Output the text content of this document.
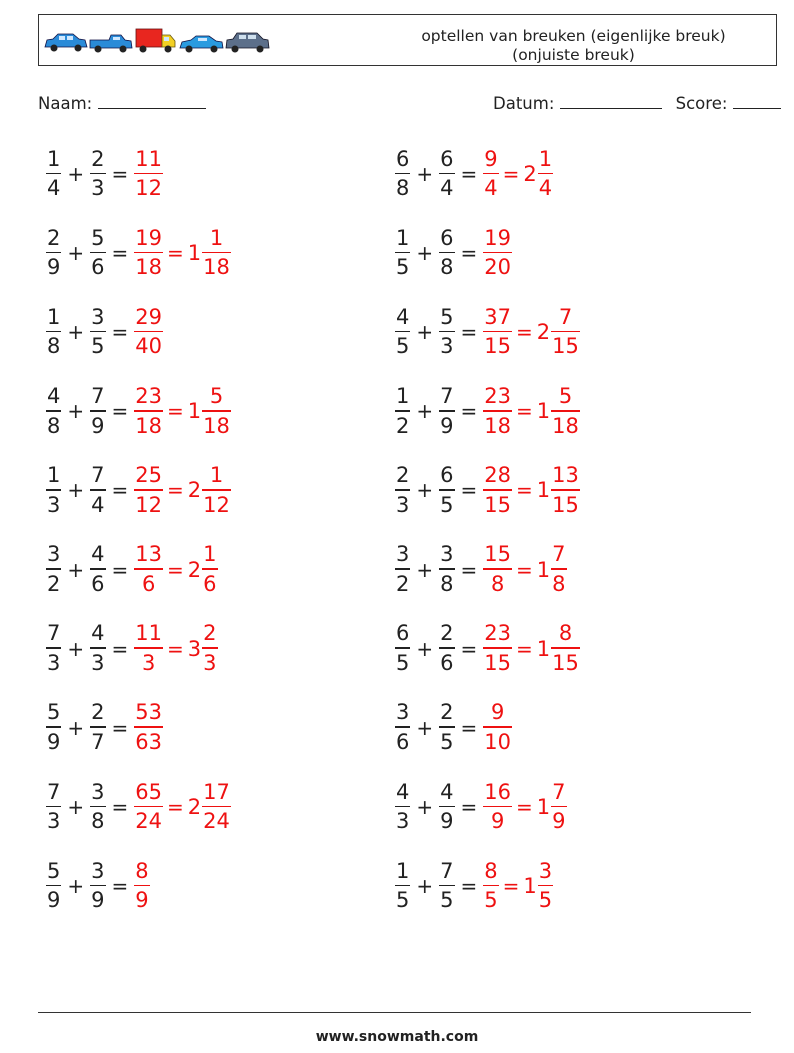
optellen van breuken (eigenlijke breuk)
(onjuiste breuk)
Naam:	Datum:	Score:
$\frac{1}{4} + \frac{2}{3} = \frac{11}{12}$	$\frac{6}{8} + \frac{6}{4} = \frac{9}{4} = 2 \frac{1}{4}$
$\frac{2}{9} + \frac{5}{6} = \frac{19}{18} = 1 \frac{1}{18}$	$\frac{1}{5} + \frac{6}{8} = \frac{19}{20}$
$\frac{1}{8} + \frac{3}{5} = \frac{29}{40}$	$\frac{4}{5} + \frac{5}{3} = \frac{37}{15} = 2 \frac{7}{15}$
$\frac{4}{8} + \frac{7}{9} = \frac{23}{18} = 1 \frac{5}{18}$	$\frac{1}{2} + \frac{7}{9} = \frac{23}{18} = 1 \frac{5}{18}$
$\frac{1}{3} + \frac{7}{4} = \frac{25}{12} = 2 \frac{1}{12}$	$\frac{2}{3} + \frac{6}{5} = \frac{28}{15} = 1 \frac{13}{15}$
$\frac{3}{2} + \frac{4}{6} = \frac{13}{6} = 2 \frac{1}{6}$	$\frac{3}{2} + \frac{3}{8} = \frac{15}{8} = 1 \frac{7}{8}$
$\frac{7}{3} + \frac{4}{3} = \frac{11}{3} = 3 \frac{2}{3}$	$\frac{6}{5} + \frac{2}{6} = \frac{23}{15} = 1 \frac{8}{15}$
$\frac{5}{9} + \frac{2}{7} = \frac{53}{63}$	$\frac{3}{6} + \frac{2}{5} = \frac{9}{10}$
$\frac{7}{3} + \frac{3}{8} = \frac{65}{24} = 2 \frac{17}{24}$	$\frac{4}{3} + \frac{4}{9} = \frac{16}{9} = 1 \frac{7}{9}$
$\frac{5}{9} + \frac{3}{9} = \frac{8}{9}$	$\frac{1}{5} + \frac{7}{5} = \frac{8}{5} = 1 \frac{3}{5}$
www.snowmath.com
